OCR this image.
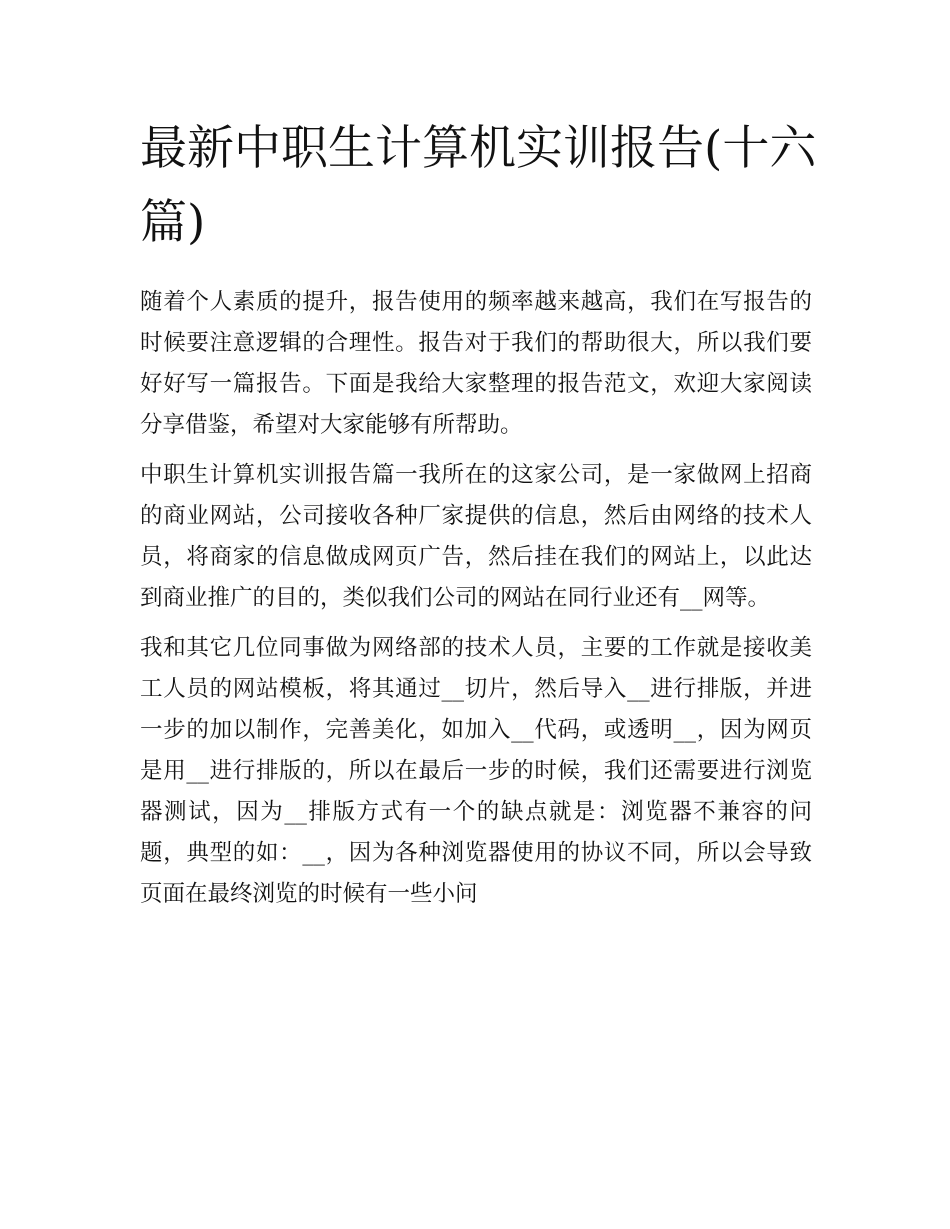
最新中职生计算机实训报告(十六篇)

随着个人素质的提升，报告使用的频率越来越高，我们在写报告的时候要注意逻辑的合理性。报告对于我们的帮助很大，所以我们要好好写一篇报告。下面是我给大家整理的报告范文，欢迎大家阅读分享借鉴，希望对大家能够有所帮助。

中职生计算机实训报告篇一我所在的这家公司，是一家做网上招商的商业网站，公司接收各种厂家提供的信息，然后由网络的技术人员，将商家的信息做成网页广告，然后挂在我们的网站上，以此达到商业推广的目的，类似我们公司的网站在同行业还有__网等。

我和其它几位同事做为网络部的技术人员，主要的工作就是接收美工人员的网站模板，将其通过__切片，然后导入__进行排版，并进一步的加以制作，完善美化，如加入__代码，或透明__，因为网页是用__进行排版的，所以在最后一步的时候，我们还需要进行浏览器测试，因为__排版方式有一个的缺点就是：浏览器不兼容的问题，典型的如：__，因为各种浏览器使用的协议不同，所以会导致页面在最终浏览的时候有一些小问
